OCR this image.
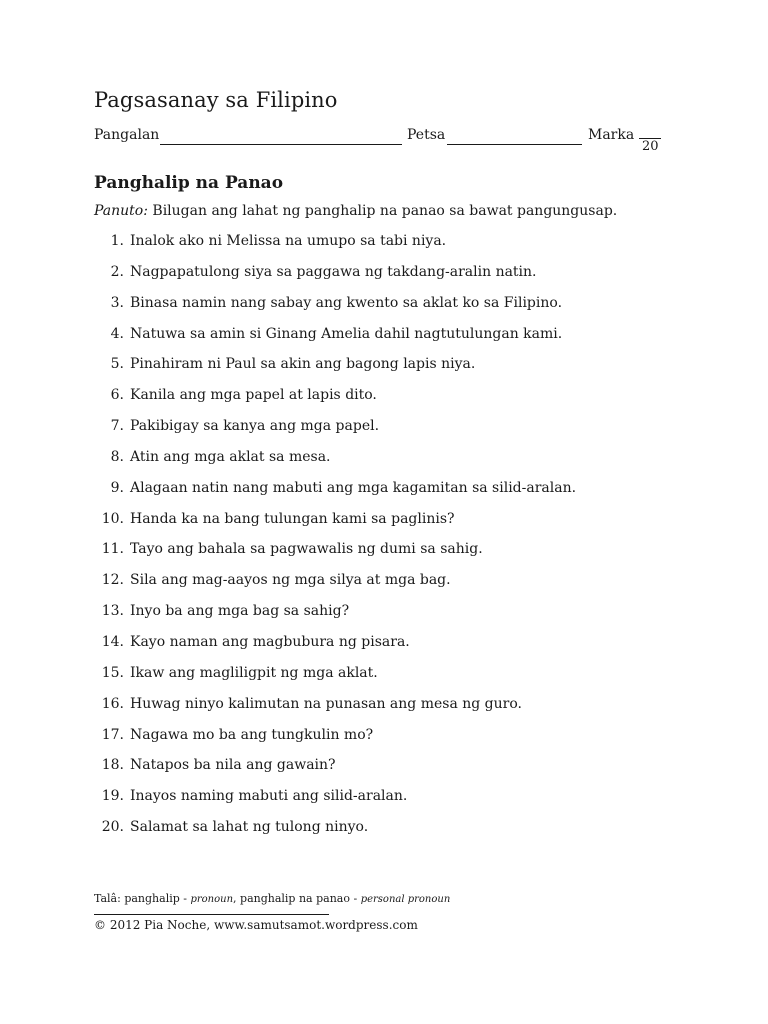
Pagsasanay sa Filipino
Pangalan	Petsa	Marka
20
Panghalip na Panao
Panuto: Bilugan ang lahat ng panghalip na panao sa bawat pangungusap.
1. Inalok ako ni Melissa na umupo sa tabi niya.
2. Nagpapatulong siya sa paggawa ng takdang-aralin natin.
3. Binasa namin nang sabay ang kwento sa aklat ko sa Filipino.
4. Natuwa sa amin si Ginang Amelia dahil nagtutulungan kami.
5. Pinahiram ni Paul sa akin ang bagong lapis niya.
6. Kanila ang mga papel at lapis dito.
7. Pakibigay sa kanya ang mga papel.
8. Atin ang mga aklat sa mesa.
9. Alagaan natin nang mabuti ang mga kagamitan sa silid-aralan.
10. Handa ka na bang tulungan kami sa paglinis?
11. Tayo ang bahala sa pagwawalis ng dumi sa sahig.
12. Sila ang mag-aayos ng mga silya at mga bag.
13. Inyo ba ang mga bag sa sahig?
14. Kayo naman ang magbubura ng pisara.
15. Ikaw ang magliligpit ng mga aklat.
16. Huwag ninyo kalimutan na punasan ang mesa ng guro.
17. Nagawa mo ba ang tungkulin mo?
18. Natapos ba nila ang gawain?
19. Inayos naming mabuti ang silid-aralan.
20. Salamat sa lahat ng tulong ninyo.
Talâ: panghalip - pronoun, panghalip na panao - personal pronoun
© 2012 Pia Noche, www.samutsamot.wordpress.com
